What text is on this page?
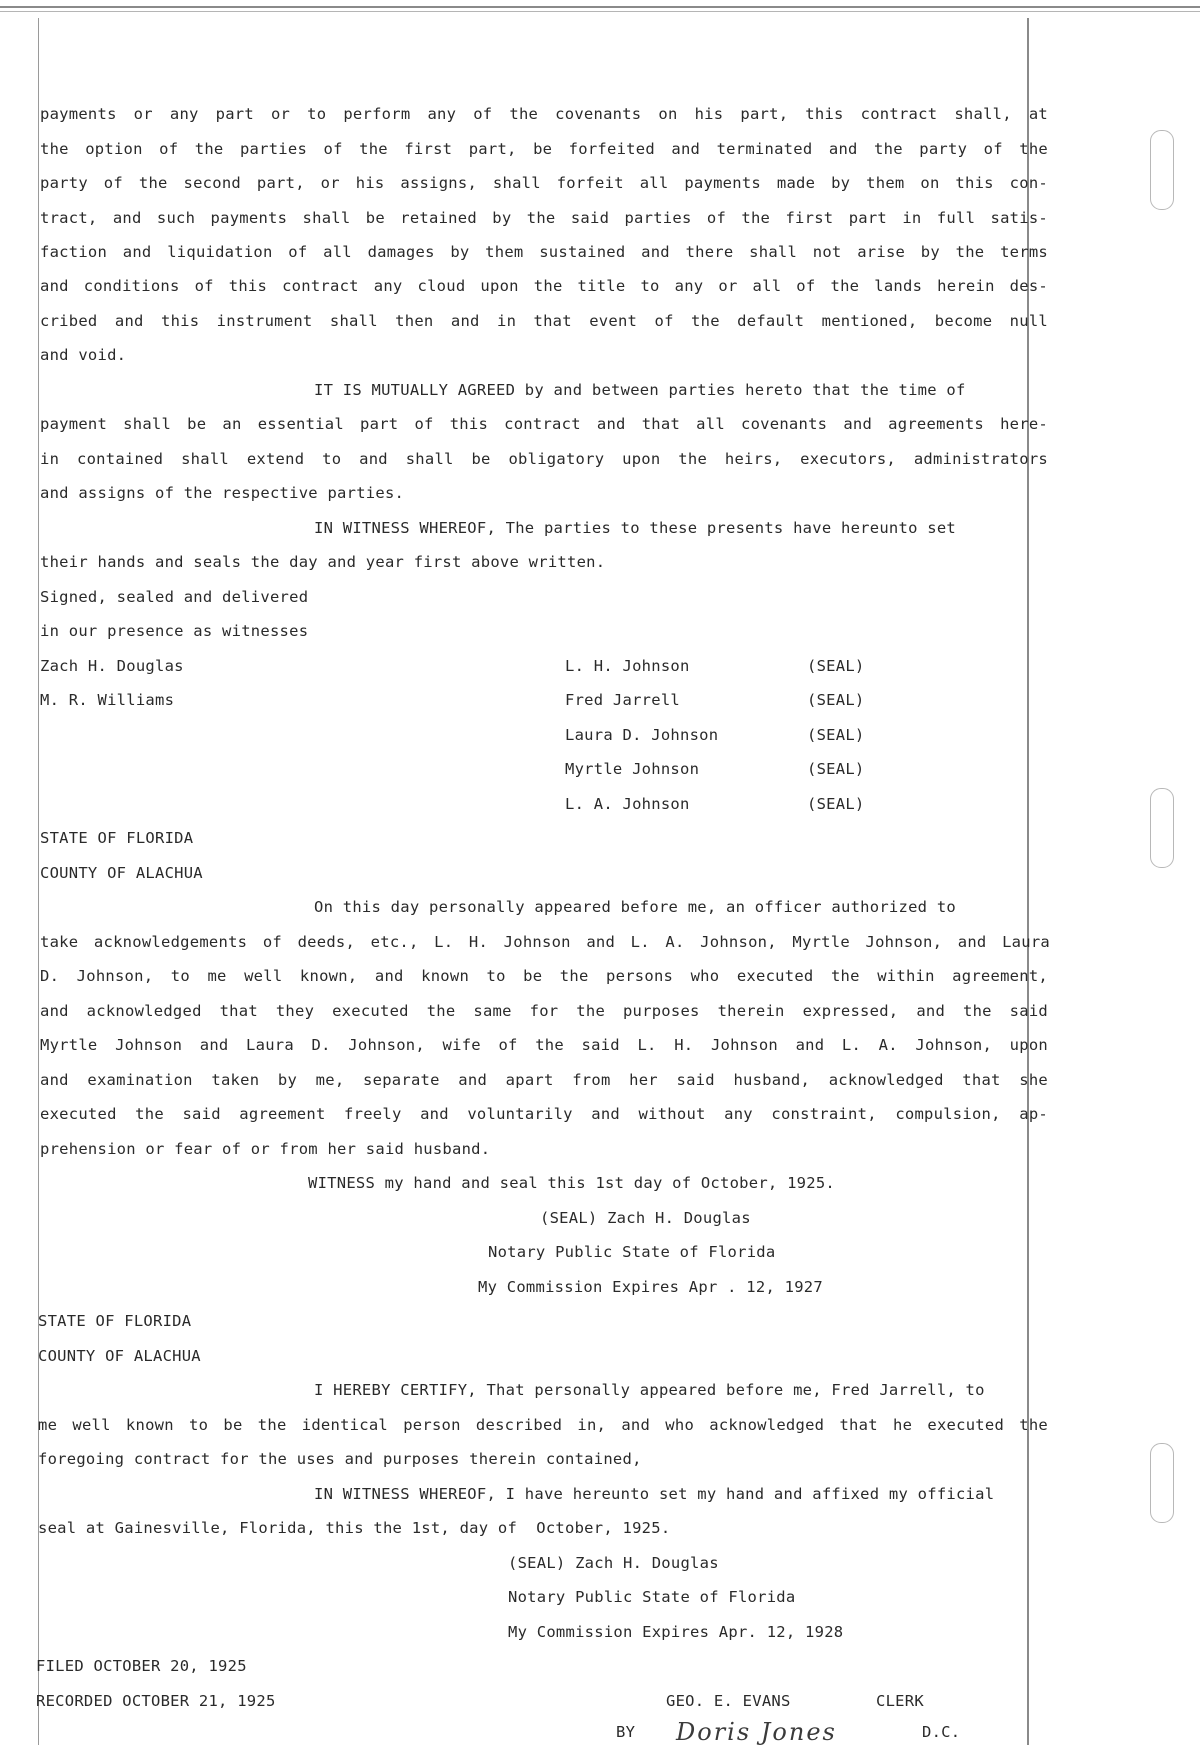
payments or any part or to perform any of the covenants on his part, this contract shall, at
the option of the parties of the first part, be forfeited and terminated and the party of the
party of the second part, or his assigns, shall forfeit all payments made by them on this con-
tract, and such payments shall be retained by the said parties of the first part in full satis-
faction and liquidation of all damages by them sustained and there shall not arise by the terms
and conditions of this contract any cloud upon the title to any or all of the lands herein des-
cribed and this instrument shall then and in that event of the default mentioned, become null
and void.
IT IS MUTUALLY AGREED by and between parties hereto that the time of
payment shall be an essential part of this contract and that all covenants and agreements here-
in contained shall extend to and shall be obligatory upon the heirs, executors, administrators
and assigns of the respective parties.
IN WITNESS WHEREOF, The parties to these presents have hereunto set
their hands and seals the day and year first above written.
Signed, sealed and delivered
in our presence as witnesses
Zach H. Douglas
M. R. Williams
L. H. Johnson	(SEAL)
Fred Jarrell	(SEAL)
Laura D. Johnson	(SEAL)
Myrtle Johnson	(SEAL)
L. A. Johnson	(SEAL)
STATE OF FLORIDA
COUNTY OF ALACHUA
On this day personally appeared before me, an officer authorized to
take acknowledgements of deeds, etc., L. H. Johnson and L. A. Johnson, Myrtle Johnson, and Laura
D. Johnson, to me well known, and known to be the persons who executed the within agreement,
and acknowledged that they executed the same for the purposes therein expressed, and the said
Myrtle Johnson and Laura D. Johnson, wife of the said L. H. Johnson and L. A. Johnson, upon
and examination taken by me, separate and apart from her said husband, acknowledged that she
executed the said agreement freely and voluntarily and without any constraint, compulsion, ap-
prehension or fear of or from her said husband.
WITNESS my hand and seal this 1st day of October, 1925.
(SEAL) Zach H. Douglas
Notary Public State of Florida
My Commission Expires Apr . 12, 1927
STATE OF FLORIDA
COUNTY OF ALACHUA
I HEREBY CERTIFY, That personally appeared before me, Fred Jarrell, to
me well known to be the identical person described in, and who acknowledged that he executed the
foregoing contract for the uses and purposes therein contained,
IN WITNESS WHEREOF, I have hereunto set my hand and affixed my official
seal at Gainesville, Florida, this the 1st, day of  October, 1925.
(SEAL) Zach H. Douglas
Notary Public State of Florida
My Commission Expires Apr. 12, 1928
FILED OCTOBER 20, 1925
RECORDED OCTOBER 21, 1925	GEO. E. EVANS	CLERK
BY Doris Jones	D.C.
